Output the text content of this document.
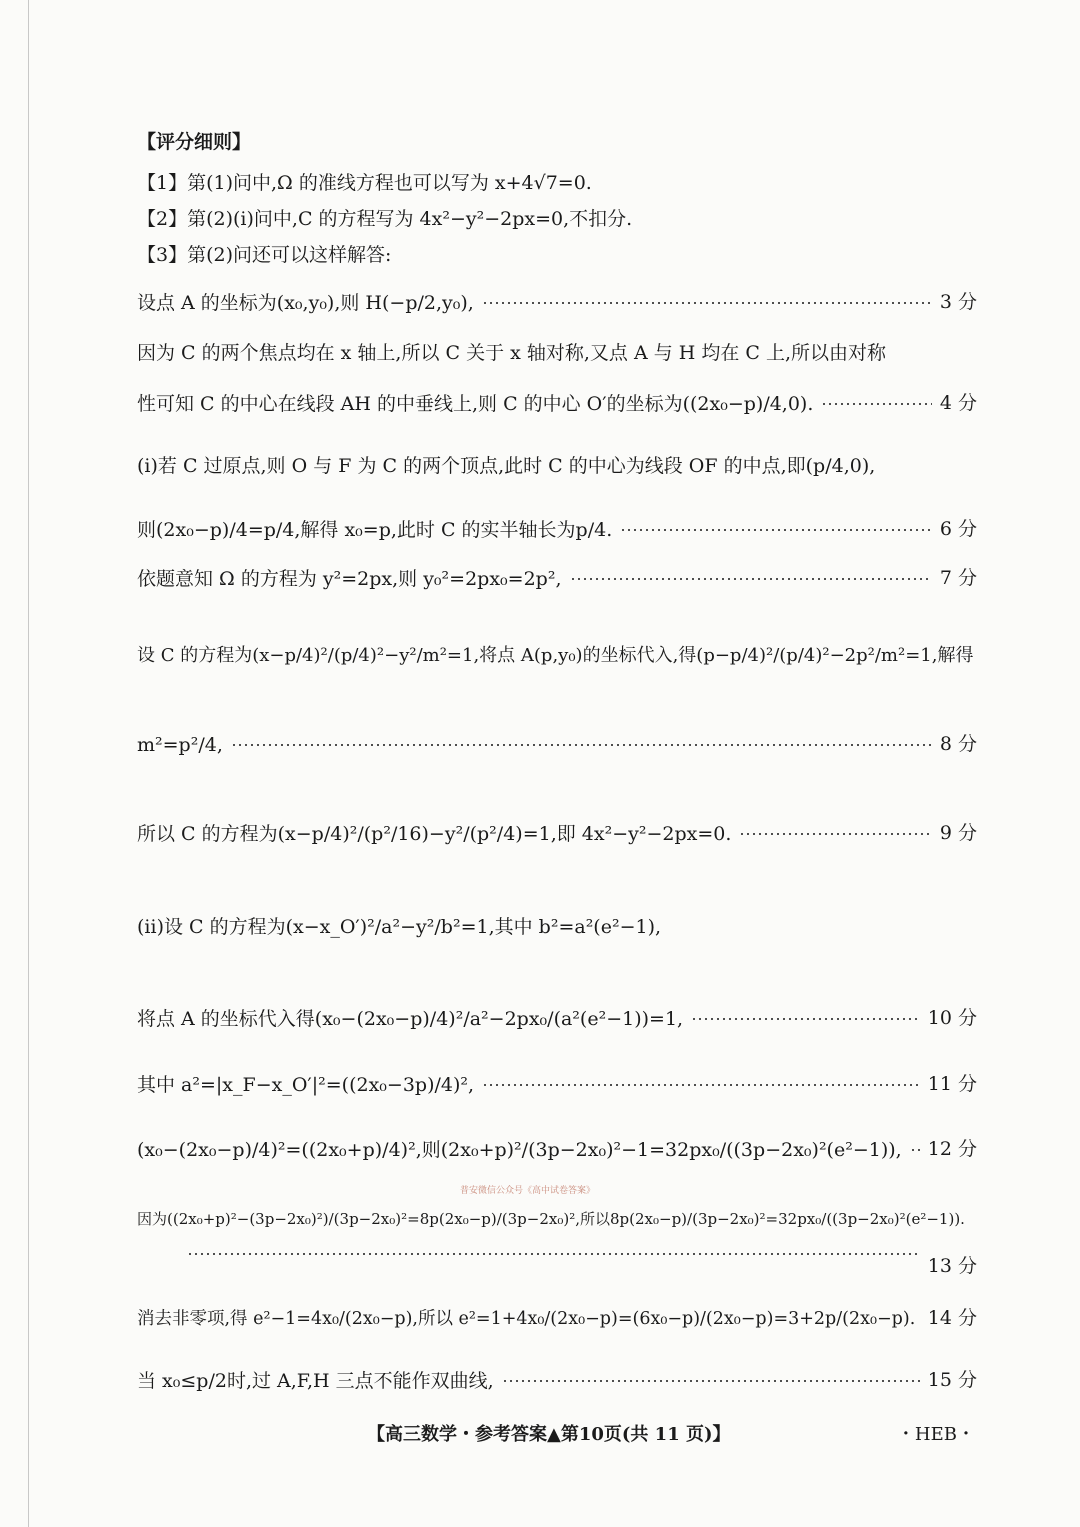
【评分细则】
【1】第(1)问中,Ω 的准线方程也可以写为 x+4√7=0.
【2】第(2)(ⅰ)问中,C 的方程写为 4x²−y²−2px=0,不扣分.
【3】第(2)问还可以这样解答:
设点 A 的坐标为(x₀,y₀),则 H(−p/2,y₀),	3 分
因为 C 的两个焦点均在 x 轴上,所以 C 关于 x 轴对称,又点 A 与 H 均在 C 上,所以由对称
性可知 C 的中心在线段 AH 的中垂线上,则 C 的中心 O′的坐标为((2x₀−p)/4,0).	4 分
(ⅰ)若 C 过原点,则 O 与 F 为 C 的两个顶点,此时 C 的中心为线段 OF 的中点,即(p/4,0),
则(2x₀−p)/4=p/4,解得 x₀=p,此时 C 的实半轴长为p/4.	6 分
依题意知 Ω 的方程为 y²=2px,则 y₀²=2px₀=2p²,	7 分
设 C 的方程为(x−p/4)²/(p/4)²−y²/m²=1,将点 A(p,y₀)的坐标代入,得(p−p/4)²/(p/4)²−2p²/m²=1,解得
m²=p²/4,	8 分
所以 C 的方程为(x−p/4)²/(p²/16)−y²/(p²/4)=1,即 4x²−y²−2px=0.	9 分
(ⅱ)设 C 的方程为(x−x_O′)²/a²−y²/b²=1,其中 b²=a²(e²−1),
将点 A 的坐标代入得(x₀−(2x₀−p)/4)²/a²−2px₀/(a²(e²−1))=1,	10 分
其中 a²=|x_F−x_O′|²=((2x₀−3p)/4)²,	11 分
(x₀−(2x₀−p)/4)²=((2x₀+p)/4)²,则(2x₀+p)²/(3p−2x₀)²−1=32px₀/((3p−2x₀)²(e²−1)), 12 分
因为((2x₀+p)²−(3p−2x₀)²)/(3p−2x₀)²=8p(2x₀−p)/(3p−2x₀)²,所以8p(2x₀−p)/(3p−2x₀)²=32px₀/((3p−2x₀)²(e²−1)).
13 分
消去非零项,得 e²−1=4x₀/(2x₀−p),所以 e²=1+4x₀/(2x₀−p)=(6x₀−p)/(2x₀−p)=3+2p/(2x₀−p). 14 分
当 x₀≤p/2时,过 A,F,H 三点不能作双曲线,	15 分
普安微信公众号《高中试卷答案》
【高三数学・参考答案▲第10页(共 11 页)】	・HEB・
